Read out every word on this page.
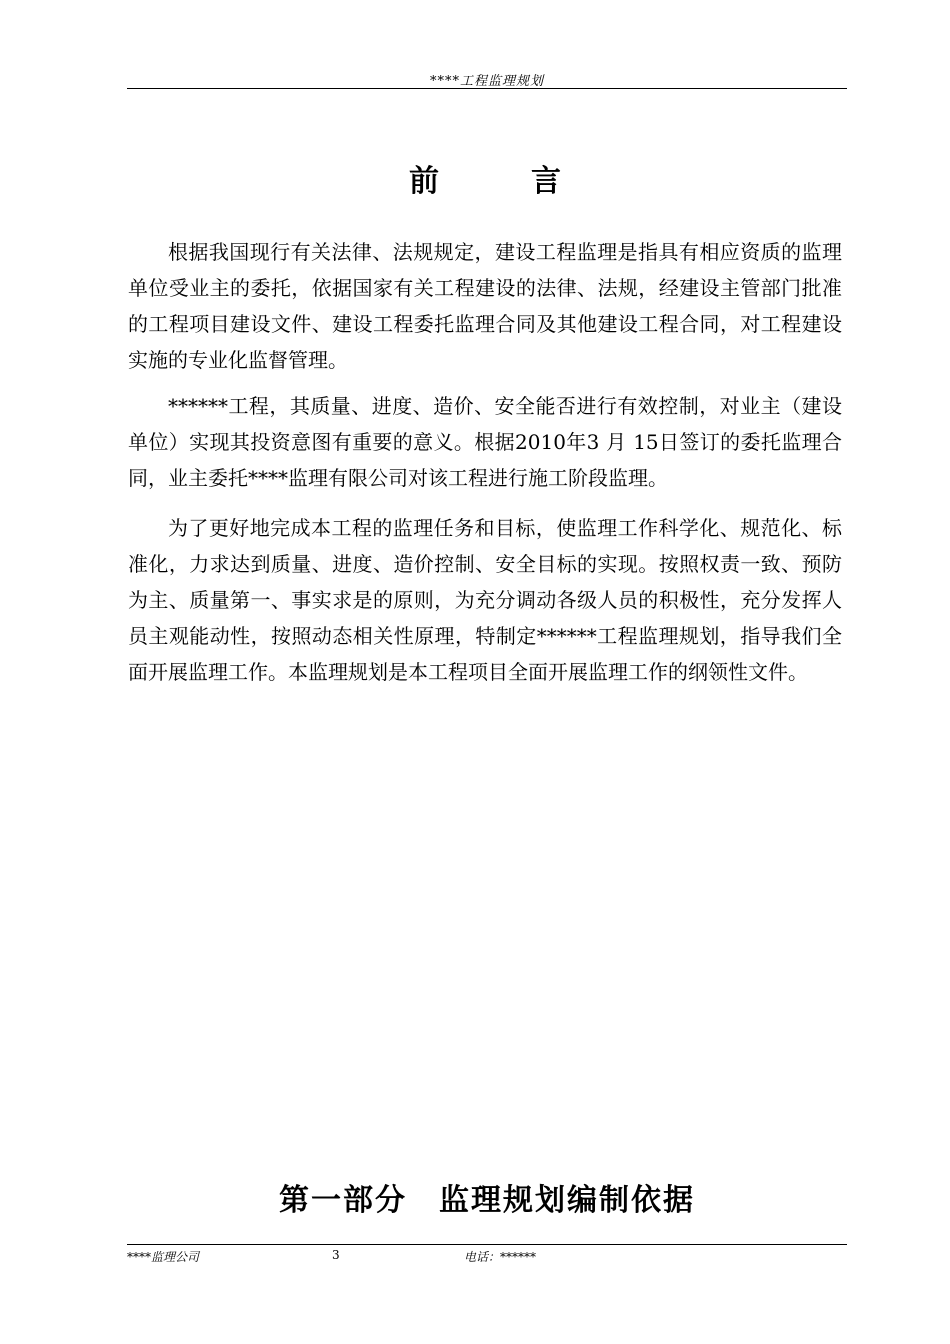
****工程监理规划
前	言

根据我国现行有关法律、法规规定，建设工程监理是指具有相应资质的监理单位受业主的委托，依据国家有关工程建设的法律、法规，经建设主管部门批准的工程项目建设文件、建设工程委托监理合同及其他建设工程合同，对工程建设实施的专业化监督管理。

******工程，其质量、进度、造价、安全能否进行有效控制，对业主（建设单位）实现其投资意图有重要的意义。根据2010年3 月 15日签订的委托监理合同，业主委托****监理有限公司对该工程进行施工阶段监理。

为了更好地完成本工程的监理任务和目标，使监理工作科学化、规范化、标准化，力求达到质量、进度、造价控制、安全目标的实现。按照权责一致、预防为主、质量第一、事实求是的原则，为充分调动各级人员的积极性，充分发挥人员主观能动性，按照动态相关性原理，特制定******工程监理规划，指导我们全面开展监理工作。本监理规划是本工程项目全面开展监理工作的纲领性文件。

第一部分　监理规划编制依据
****监理公司	3	电话：******
